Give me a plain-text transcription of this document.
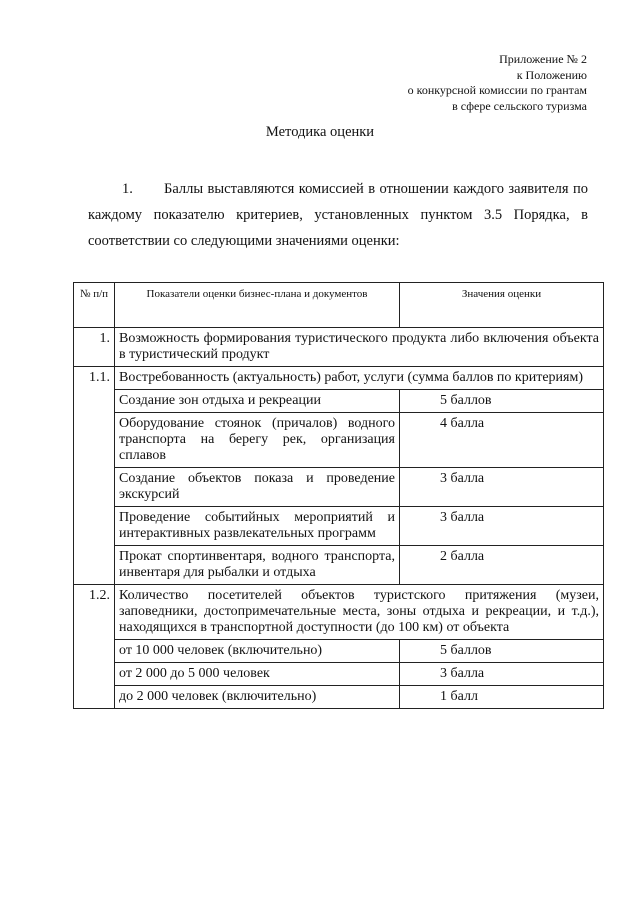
Приложение № 2
к Положению
о конкурсной комиссии по грантам
в сфере сельского туризма
Методика оценки
1. Баллы выставляются комиссией в отношении каждого заявителя по каждому показателю критериев, установленных пунктом 3.5 Порядка, в соответствии со следующими значениями оценки:
№ п/п	Показатели оценки бизнес-плана и документов	Значения оценки
1.	Возможность формирования туристического продукта либо включения объекта в туристический продукт	
1.1.	Востребованность (актуальность) работ, услуги (сумма баллов по критериям)	
	Создание зон отдыха и рекреации	5 баллов
	Оборудование стоянок (причалов) водного транспорта на берегу рек, организация сплавов	4 балла
	Создание объектов показа и проведение экскурсий	3 балла
	Проведение событийных мероприятий и интерактивных развлекательных программ	3 балла
	Прокат спортинвентаря, водного транспорта, инвентаря для рыбалки и отдыха	2 балла
1.2.	Количество посетителей объектов туристского притяжения (музеи, заповедники, достопримечательные места, зоны отдыха и рекреации, и т.д.), находящихся в транспортной доступности (до 100 км) от объекта	
	от 10 000 человек (включительно)	5 баллов
	от 2 000 до 5 000 человек	3 балла
	до 2 000 человек (включительно)	1 балл
